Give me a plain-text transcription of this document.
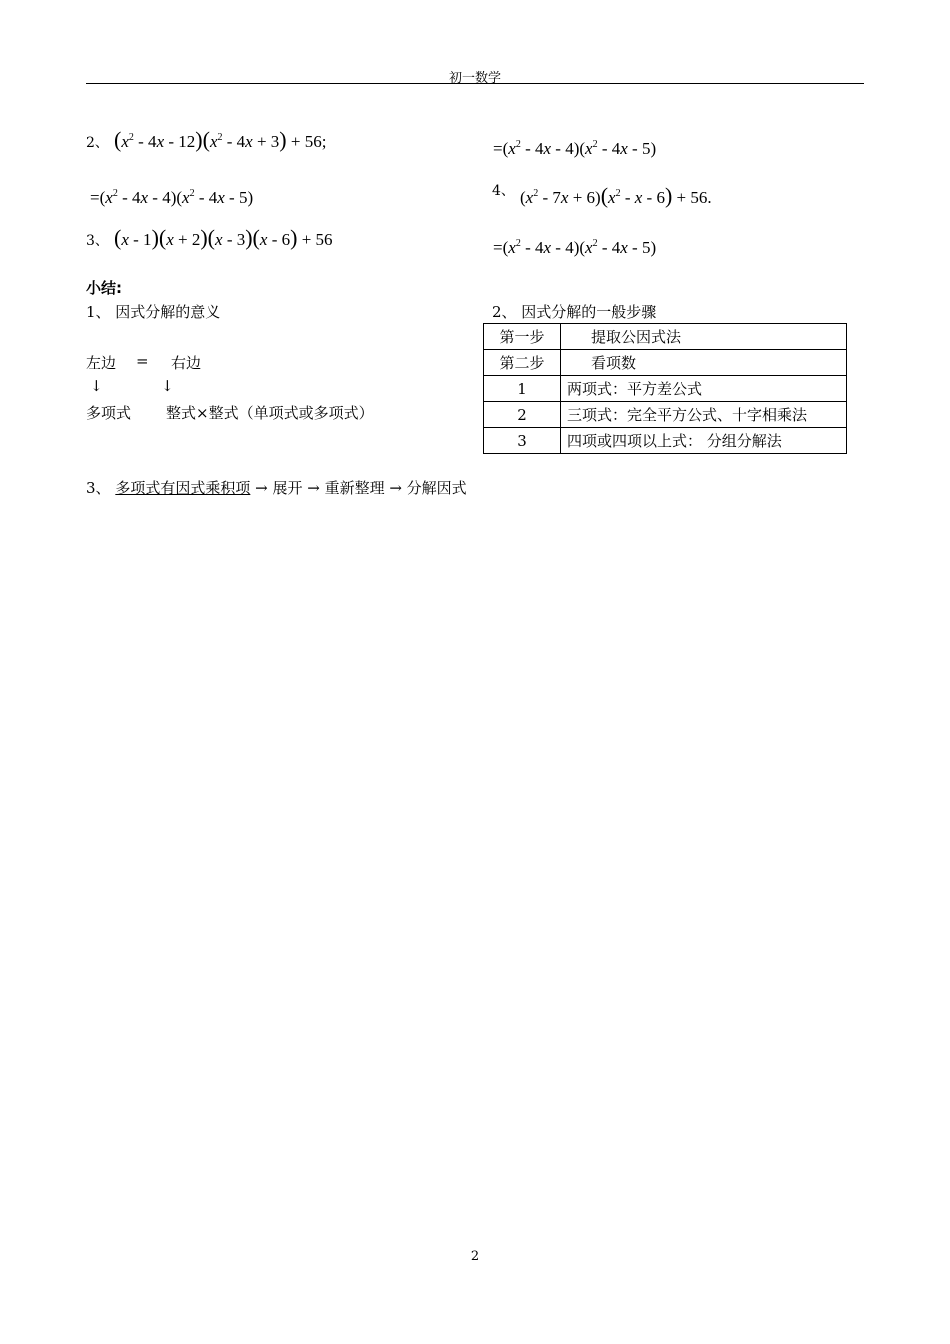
初一数学
2、 $(x^2 - 4x - 12)(x^2 - 4x + 3) + 56$;
$=(x^2 - 4x - 4)(x^2 - 4x - 5)$
3、 (x - 1)(x + 2)(x - 3)(x - 6) + 56
$=(x^2 - 4x - 4)(x^2 - 4x - 5)$
4、 $(x^2 - 7x + 6)(x^2 - x - 6) + 56$.
$=(x^2 - 4x - 4)(x^2 - 4x - 5)$
小结:
1、 因式分解的意义
左边 = 右边
↓	↓
多项式 整式×整式（单项式或多项式）
2、 因式分解的一般步骤
第一步	提取公因式法
第二步	看项数
1	两项式：平方差公式
2	三项式：完全平方公式、十字相乘法
3	四项或四项以上式： 分组分解法
3、 多项式有因式乘积项 → 展开 → 重新整理 → 分解因式
2
